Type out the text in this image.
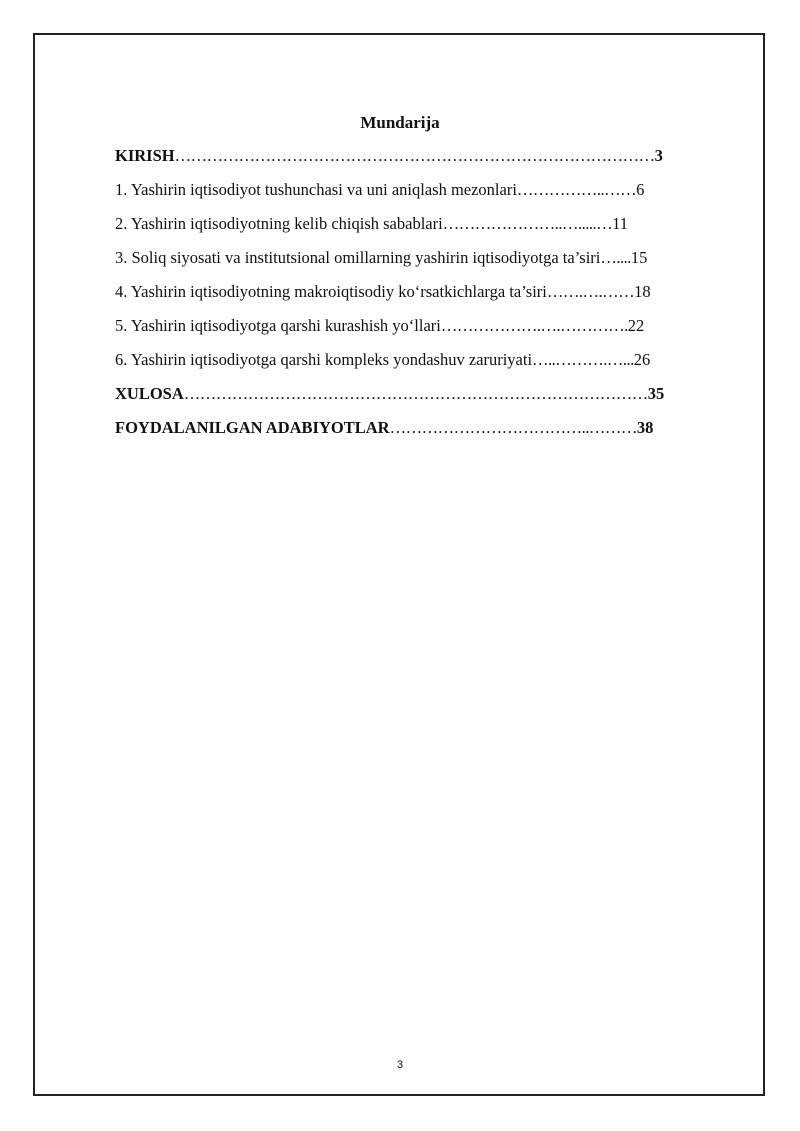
Mundarija
KIRISH ……………………………………………………………………………… 3
1. Yashirin iqtisodiyot tushunchasi va uni aniqlash mezonlari ……………..…… 6
2. Yashirin iqtisodiyotning kelib chiqish sabablari …………………..….....… 11
3. Soliq siyosati va institutsional omillarning yashirin iqtisodiyotga ta’siri ….... 15
4. Yashirin iqtisodiyotning makroiqtisodiy ko‘rsatkichlarga ta’siri …….….…… 18
5. Yashirin iqtisodiyotga qarshi kurashish yo‘llari ……………….….…………. 22
6. Yashirin iqtisodiyotga qarshi kompleks yondashuv zaruriyati …..……….…... 26
XULOSA …………………………………………………………………………… 35
FOYDALANILGAN ADABIYOTLAR ………………………………..……… 38
3
